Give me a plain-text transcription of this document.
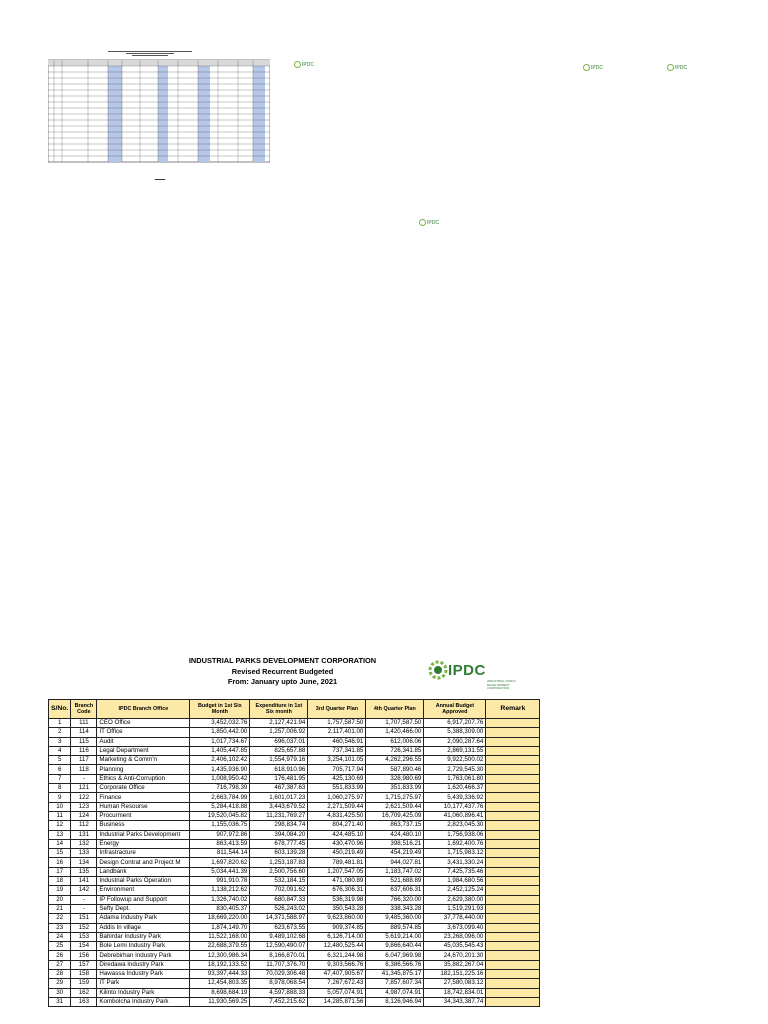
IPDC	IPDC	IPDC
IPDC
INDUSTRIAL PARKS DEVELOPMENT CORPORATION
Revised Recurrent Budgeted
From: January upto June, 2021
IPDC
INDUSTRIAL PARKS DEVELOPMENT CORPORATION
S/No.	Branch Code	IPDC Branch Office	Budget in 1st Six Month	Expenditure in 1st Six month	3rd Quarter Plan	4th Quarter Plan	Annual Budget Approved	Remark
1	111	CEO Office	3,452,032.76	2,127,421.94	1,757,587.50	1,707,587.50	6,917,207.76	
2	114	IT Office	1,850,442.00	1,257,006.92	2,117,401.00	1,420,466.00	5,388,309.00	
3	115	Audit	1,017,734.67	696,037.01	460,546.91	612,006.06	2,090,287.64	
4	116	Legal Department	1,405,447.85	825,657.88	737,341.85	726,341.85	2,869,131.55	
5	117	Marketing & Comm'n	2,406,102.42	1,554,979.16	3,254,101.05	4,262,296.55	9,922,500.02	
6	118	Planning	1,435,936.90	618,910.96	705,717.94	587,890.46	2,729,545.30	
7	-	Ethics & Anti-Corruption	1,008,950.42	176,481.95	425,130.69	328,980.69	1,763,061.80	
8	121	Corporate Office	716,798.39	467,387.63	551,833.99	351,833.99	1,620,466.37	
9	122	Finance	2,663,784.99	1,601,017.23	1,060,275.97	1,715,275.97	5,439,336.92	
10	123	Human Resourse	5,284,418.88	3,443,679.52	2,271,509.44	2,621,509.44	10,177,437.76	
11	124	Procurment	19,520,045.82	11,231,769.27	4,831,425.50	16,709,425.09	41,060,896.41	
12	112	Business	1,155,036.75	298,834.74	804,271.40	863,737.15	2,823,045.30	
13	131	Industrial Parks Development	907,972.86	394,084.20	424,485.10	424,480.10	1,756,938.06	
14	132	Energy	863,413.59	678,777.45	430,470.96	398,516.21	1,692,400.76	
15	133	Infrastracture	811,544.14	603,139.28	450,219.49	454,219.49	1,715,983.12	
16	134	Design Contrat and Project M	1,697,820.62	1,253,187.83	789,481.81	944,027.81	3,431,330.24	
17	135	Landbank	5,034,441.39	2,500,756.60	1,207,547.05	1,183,747.02	7,425,735.46	
18	141	Industrial Parks Operation	991,910.78	532,184.15	471,080.89	521,688.89	1,984,680.56	
19	142	Environment	1,138,212.62	702,091.62	676,306.31	637,606.31	2,452,125.24	
20	-	IP Followup and Support	1,326,740.02	680,847.33	536,319.98	766,320.00	2,629,380.00	
21	-	Sefty Dept.	830,405.37	526,243.02	350,543.28	338,343.28	1,519,291.93	
22	151	Adama Industry Park	18,669,220.00	14,371,588.97	9,623,860.00	9,485,360.00	37,778,440.00	
23	152	Addis In village	1,874,149.70	623,673.55	909,374.85	889,574.85	3,673,099.40	
24	153	Bahirdar Industry Park	11,522,168.00	9,489,102.68	6,126,714.00	5,619,214.00	23,268,096.00	
25	154	Bole Lemi Industry Park	22,688,379.55	12,590,490.07	12,480,525.44	9,866,640.44	45,035,545.43	
26	156	Debrebirhan Industry Park	12,300,986.34	8,166,870.01	6,321,244.98	6,047,969.98	24,670,201.30	
27	157	Diredawa Industry Park	18,192,133.52	11,707,376.70	9,303,566.76	8,386,566.76	35,882,267.04	
28	158	Hawassa Industry Park	93,397,444.33	70,029,306.48	47,407,905.67	41,345,875.17	182,151,225.16	
29	159	IT Park	12,454,803.35	8,978,068.54	7,267,672.43	7,857,607.34	27,580,083.12	
30	162	Kilinto Industry Park	8,698,684.19	4,597,888.33	5,057,074.91	4,987,074.91	18,742,834.01	
31	163	Kombolcha Industry Park	11,930,569.25	7,452,215.62	14,285,871.56	8,126,946.94	34,343,387.74	
